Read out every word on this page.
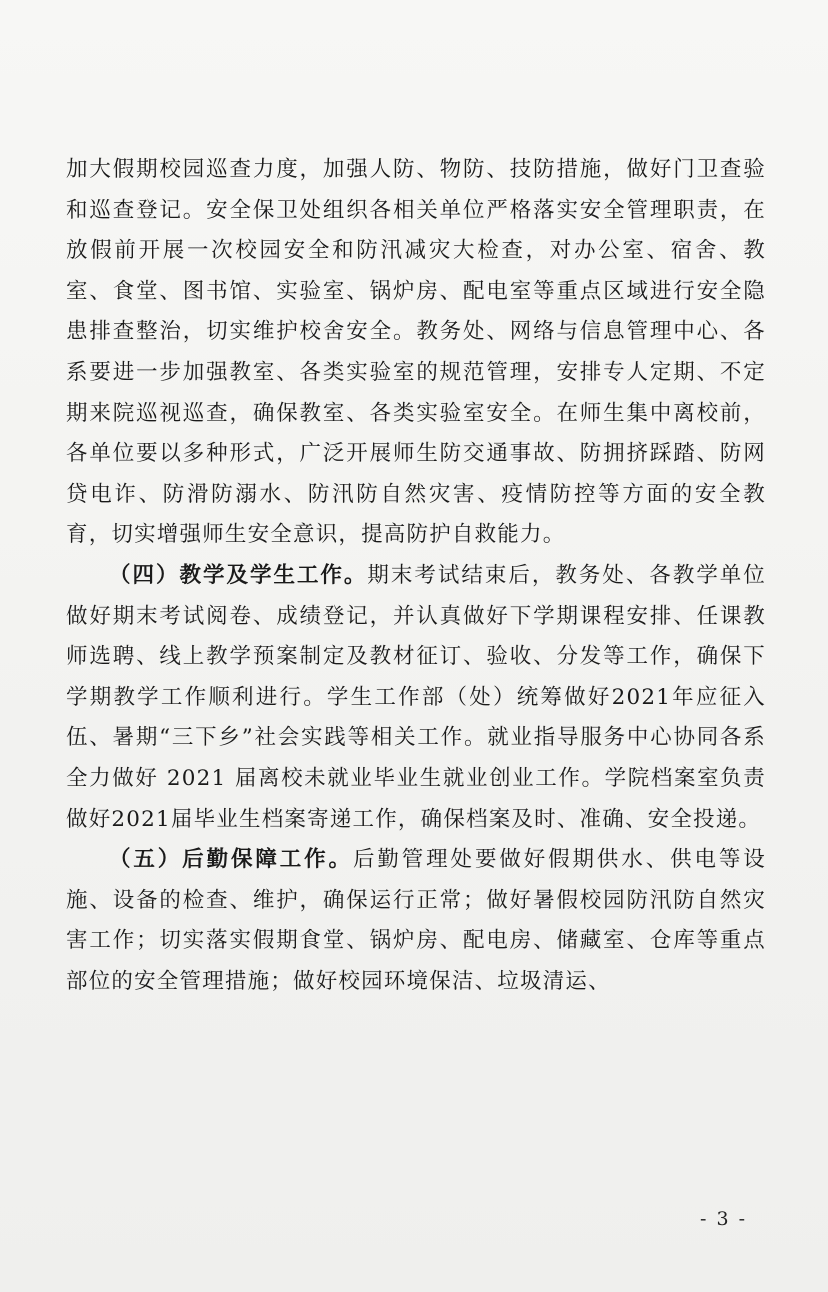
加大假期校园巡查力度，加强人防、物防、技防措施，做好门卫查验和巡查登记。安全保卫处组织各相关单位严格落实安全管理职责，在放假前开展一次校园安全和防汛减灾大检查，对办公室、宿舍、教室、食堂、图书馆、实验室、锅炉房、配电室等重点区域进行安全隐患排查整治，切实维护校舍安全。教务处、网络与信息管理中心、各系要进一步加强教室、各类实验室的规范管理，安排专人定期、不定期来院巡视巡查，确保教室、各类实验室安全。在师生集中离校前，各单位要以多种形式，广泛开展师生防交通事故、防拥挤踩踏、防网贷电诈、防滑防溺水、防汛防自然灾害、疫情防控等方面的安全教育，切实增强师生安全意识，提高防护自救能力。

（四）教学及学生工作。期末考试结束后，教务处、各教学单位做好期末考试阅卷、成绩登记，并认真做好下学期课程安排、任课教师选聘、线上教学预案制定及教材征订、验收、分发等工作，确保下学期教学工作顺利进行。学生工作部（处）统筹做好2021年应征入伍、暑期“三下乡”社会实践等相关工作。就业指导服务中心协同各系全力做好 2021 届离校未就业毕业生就业创业工作。学院档案室负责做好2021届毕业生档案寄递工作，确保档案及时、准确、安全投递。

（五）后勤保障工作。后勤管理处要做好假期供水、供电等设施、设备的检查、维护，确保运行正常；做好暑假校园防汛防自然灾害工作；切实落实假期食堂、锅炉房、配电房、储藏室、仓库等重点部位的安全管理措施；做好校园环境保洁、垃圾清运、

- 3 -
